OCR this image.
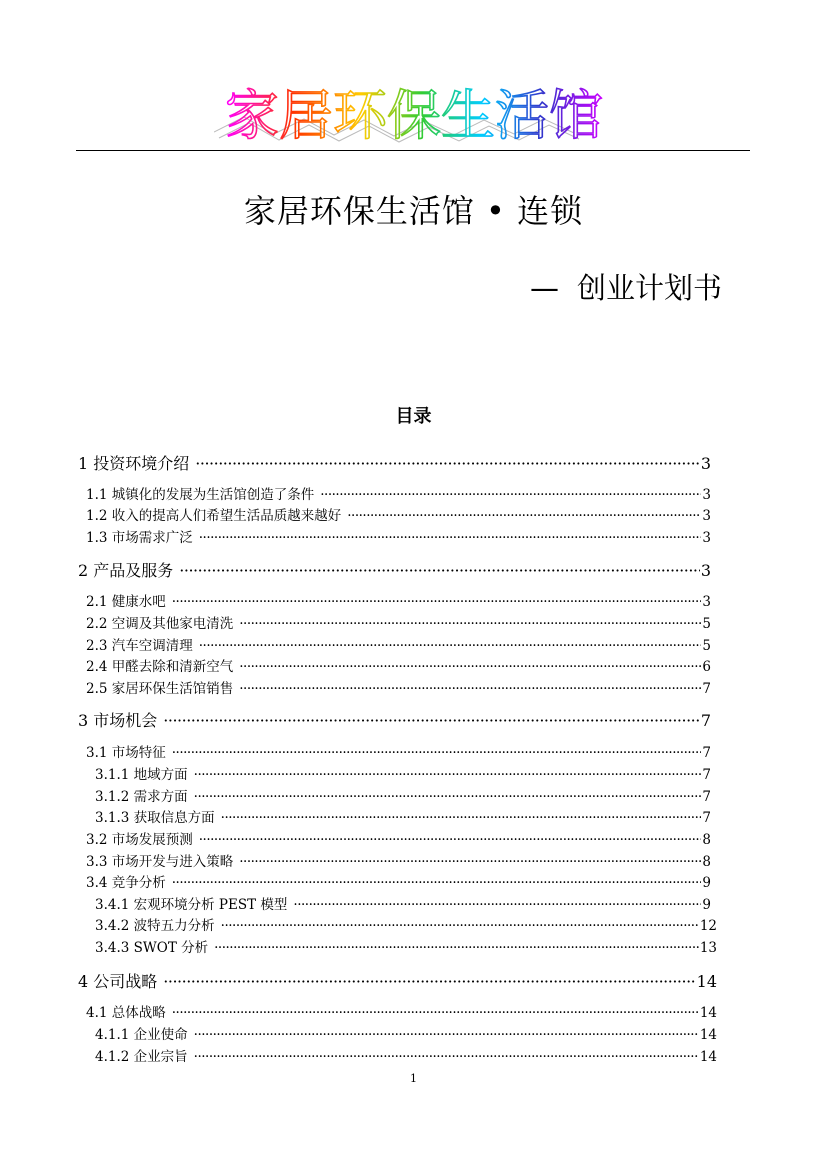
家居环保生活馆
家居环保生活馆 • 连锁
— 创业计划书
目录
1 投资环境介绍 ·····	3
1.1 城镇化的发展为生活馆创造了条件 ·····	3
1.2 收入的提高人们希望生活品质越来越好 ·····	3
1.3 市场需求广泛 ·····	3
2 产品及服务 ·····	3
2.1 健康水吧 ·····	3
2.2 空调及其他家电清洗 ·····	5
2.3 汽车空调清理 ·····	5
2.4 甲醛去除和清新空气 ·····	6
2.5 家居环保生活馆销售 ·····	7
3 市场机会 ·····	7
3.1 市场特征 ·····	7
3.1.1 地域方面 ·····	7
3.1.2 需求方面 ·····	7
3.1.3 获取信息方面 ·····	7
3.2 市场发展预测 ·····	8
3.3 市场开发与进入策略 ·····	8
3.4 竞争分析 ·····	9
3.4.1 宏观环境分析 PEST 模型 ·····	9
3.4.2 波特五力分析 ·····	12
3.4.3 SWOT 分析 ·····	13
4 公司战略 ·····	14
4.1 总体战略 ·····	14
4.1.1 企业使命 ·····	14
4.1.2 企业宗旨 ·····	14
1
